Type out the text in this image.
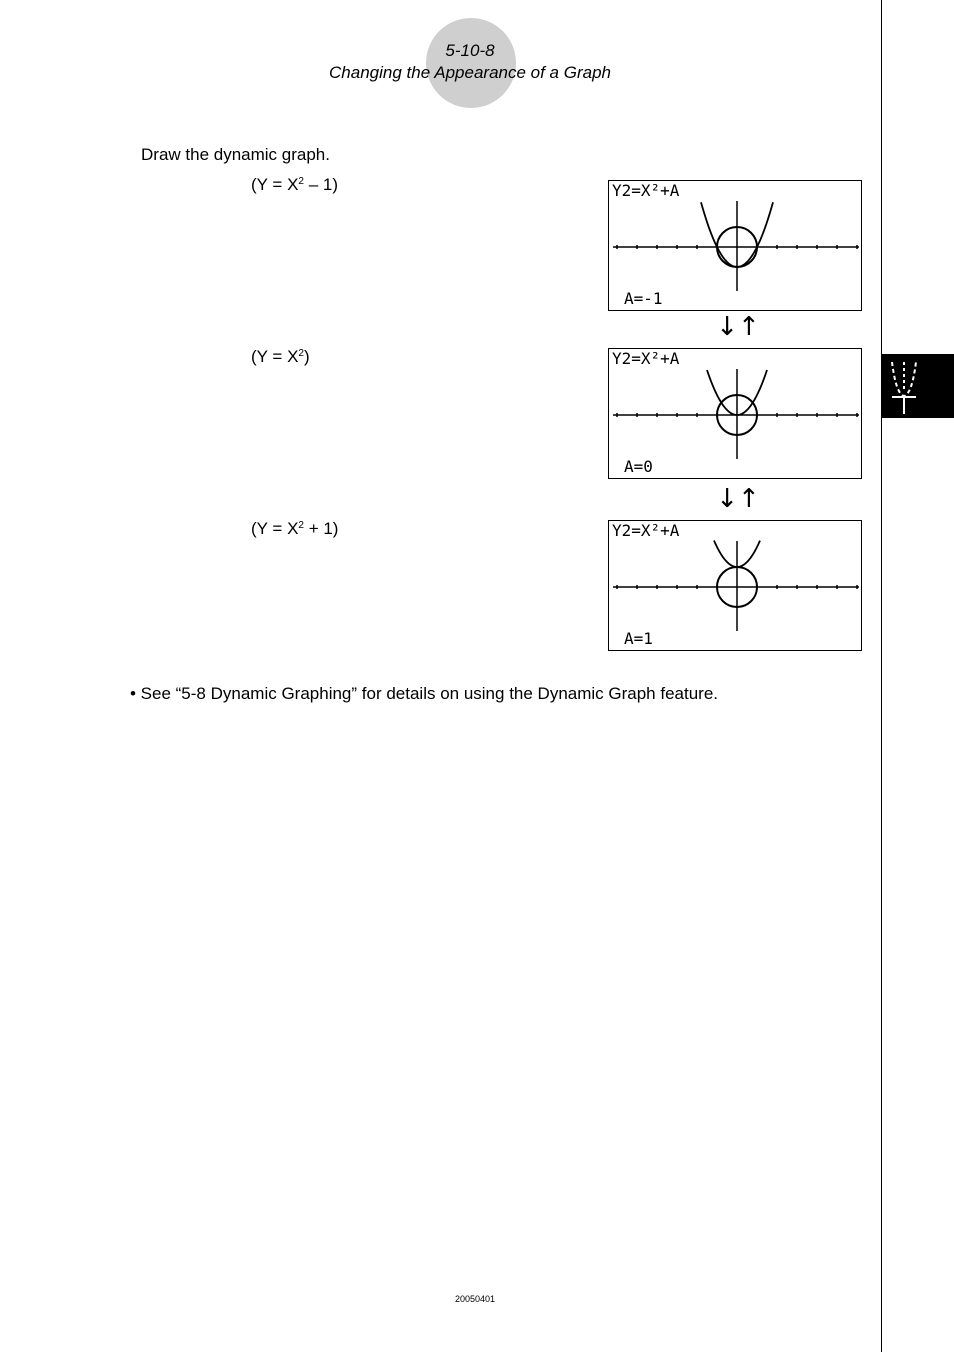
5-10-8
Changing the Appearance of a Graph
Draw the dynamic graph.
$(Y = X^2 - 1)$	Y2=X²+A
A=-1
↓↑
$(Y = X^2)$	Y2=X²+A
A=0
↓↑
$(Y = X^2 + 1)$	Y2=X²+A
A=1
• See “5-8 Dynamic Graphing” for details on using the Dynamic Graph feature.
20050401
